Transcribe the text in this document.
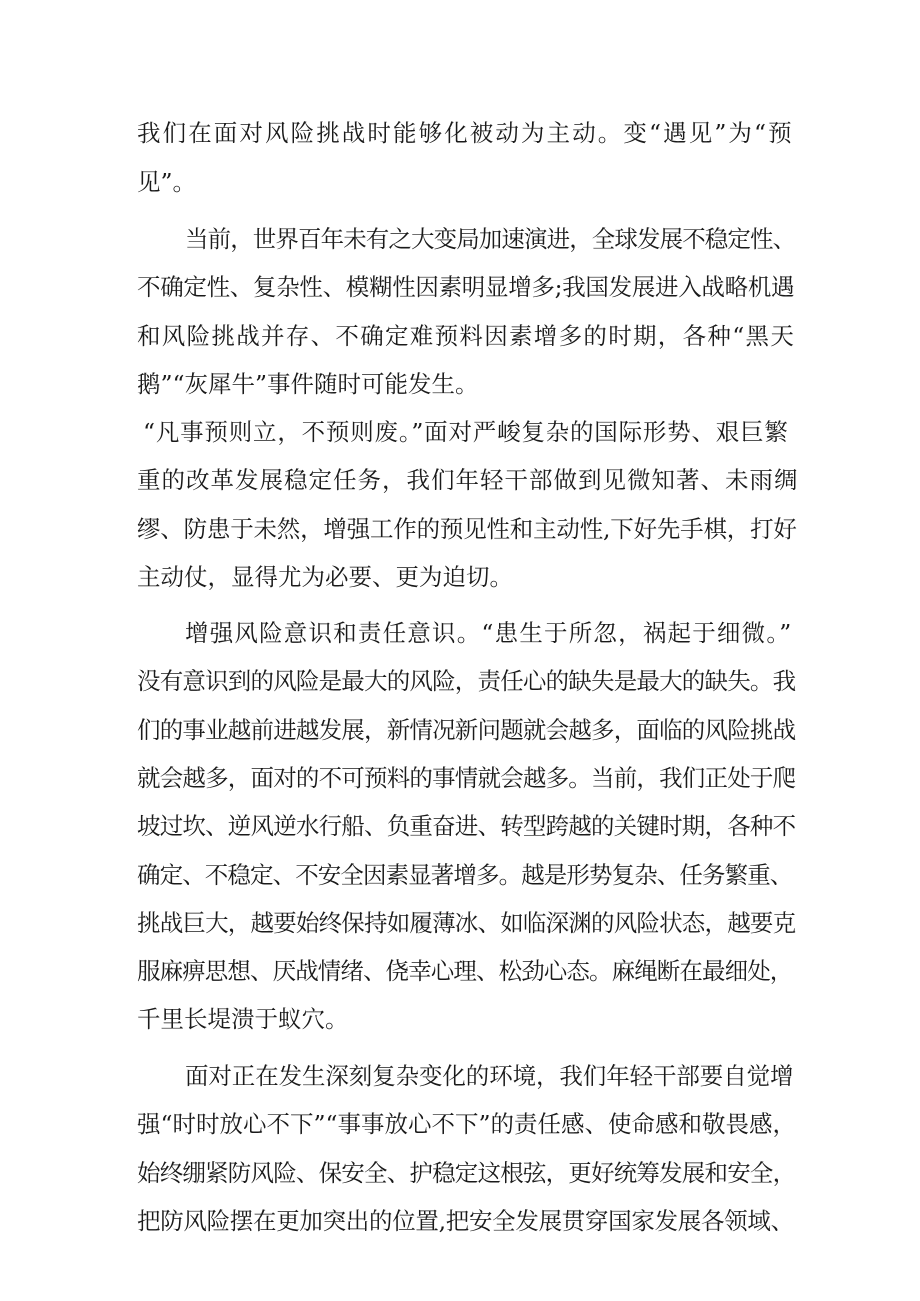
我们在面对风险挑战时能够化被动为主动。变“遇见”为“预

见”。

当前，世界百年未有之大变局加速演进，全球发展不稳定性、

不确定性、复杂性、模糊性因素明显增多;我国发展进入战略机遇

和风险挑战并存、不确定难预料因素增多的时期，各种“黑天

鹅”“灰犀牛”事件随时可能发生。

“凡事预则立，不预则废。”面对严峻复杂的国际形势、艰巨繁

重的改革发展稳定任务，我们年轻干部做到见微知著、未雨绸

缪、防患于未然，增强工作的预见性和主动性,下好先手棋，打好

主动仗，显得尤为必要、更为迫切。

增强风险意识和责任意识。“患生于所忽，祸起于细微。”

没有意识到的风险是最大的风险，责任心的缺失是最大的缺失。我

们的事业越前进越发展，新情况新问题就会越多，面临的风险挑战

就会越多，面对的不可预料的事情就会越多。当前，我们正处于爬

坡过坎、逆风逆水行船、负重奋进、转型跨越的关键时期，各种不

确定、不稳定、不安全因素显著增多。越是形势复杂、任务繁重、

挑战巨大，越要始终保持如履薄冰、如临深渊的风险状态，越要克

服麻痹思想、厌战情绪、侥幸心理、松劲心态。麻绳断在最细处，

千里长堤溃于蚁穴。

面对正在发生深刻复杂变化的环境，我们年轻干部要自觉增

强“时时放心不下”“事事放心不下”的责任感、使命感和敬畏感，

始终绷紧防风险、保安全、护稳定这根弦，更好统筹发展和安全，

把防风险摆在更加突出的位置,把安全发展贯穿国家发展各领域、
